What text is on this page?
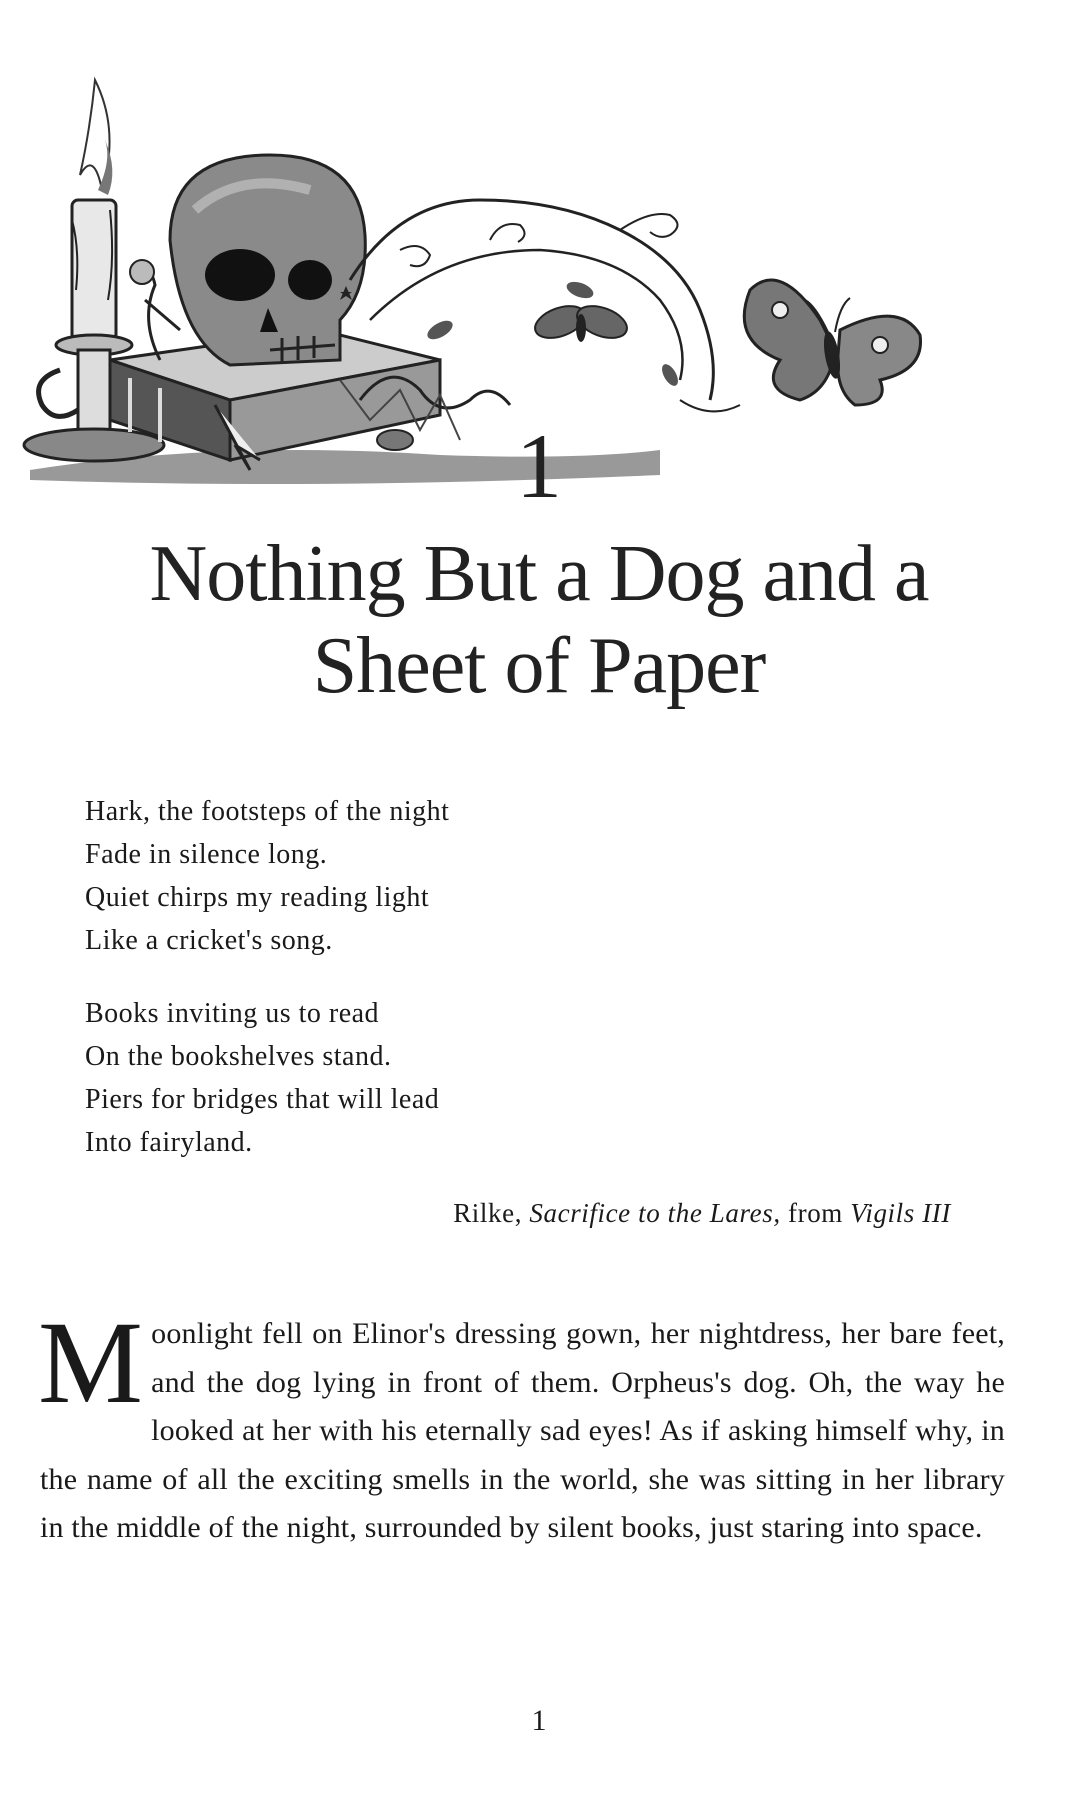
1
Nothing But a Dog and a
Sheet of Paper
Hark, the footsteps of the night
Fade in silence long.
Quiet chirps my reading light
Like a cricket's song.
Books inviting us to read
On the bookshelves stand.
Piers for bridges that will lead
Into fairyland.
Rilke, Sacrifice to the Lares, from Vigils III

Moonlight fell on Elinor's dressing gown, her nightdress, her bare feet, and the dog lying in front of them. Orpheus's dog. Oh, the way he looked at her with his eternally sad eyes! As if asking himself why, in the name of all the exciting smells in the world, she was sitting in her library in the middle of the night, surrounded by silent books, just staring into space.

1
